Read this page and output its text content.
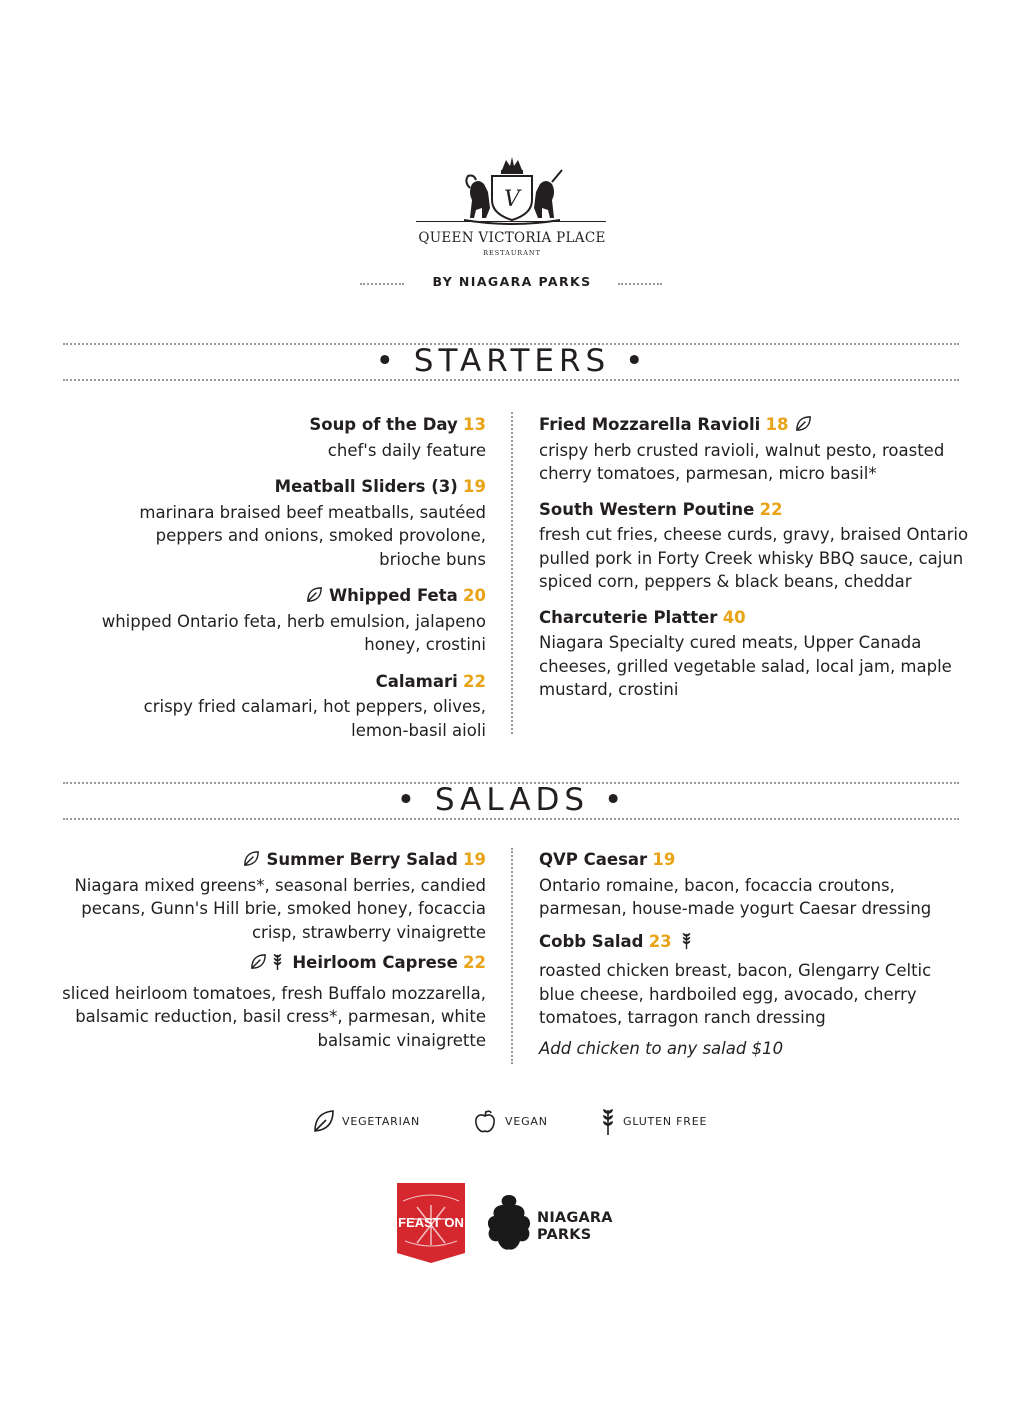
V
QUEEN VICTORIA PLACE
RESTAURANT
BY NIAGARA PARKS
• STARTERS •
Soup of the Day 13
chef's daily feature
Meatball Sliders (3) 19
marinara braised beef meatballs, sautéed peppers and onions, smoked provolone, brioche buns
Whipped Feta 20
whipped Ontario feta, herb emulsion, jalapeno honey, crostini
Calamari 22
crispy fried calamari, hot peppers, olives, lemon-basil aioli
Fried Mozzarella Ravioli 18
crispy herb crusted ravioli, walnut pesto, roasted cherry tomatoes, parmesan, micro basil*
South Western Poutine 22
fresh cut fries, cheese curds, gravy, braised Ontario pulled pork in Forty Creek whisky BBQ sauce, cajun spiced corn, peppers & black beans, cheddar
Charcuterie Platter 40
Niagara Specialty cured meats, Upper Canada cheeses, grilled vegetable salad, local jam, maple mustard, crostini
• SALADS •
Summer Berry Salad 19
Niagara mixed greens*, seasonal berries, candied pecans, Gunn's Hill brie, smoked honey, focaccia crisp, strawberry vinaigrette
Heirloom Caprese 22
sliced heirloom tomatoes, fresh Buffalo mozzarella, balsamic reduction, basil cress*, parmesan, white balsamic vinaigrette
QVP Caesar 19
Ontario romaine, bacon, focaccia croutons, parmesan, house-made yogurt Caesar dressing
Cobb Salad 23
roasted chicken breast, bacon, Glengarry Celtic blue cheese, hardboiled egg, avocado, cherry tomatoes, tarragon ranch dressing
Add chicken to any salad $10
VEGETARIAN	VEGAN	GLUTEN FREE
FEAST ON	NIAGARA
PARKS
